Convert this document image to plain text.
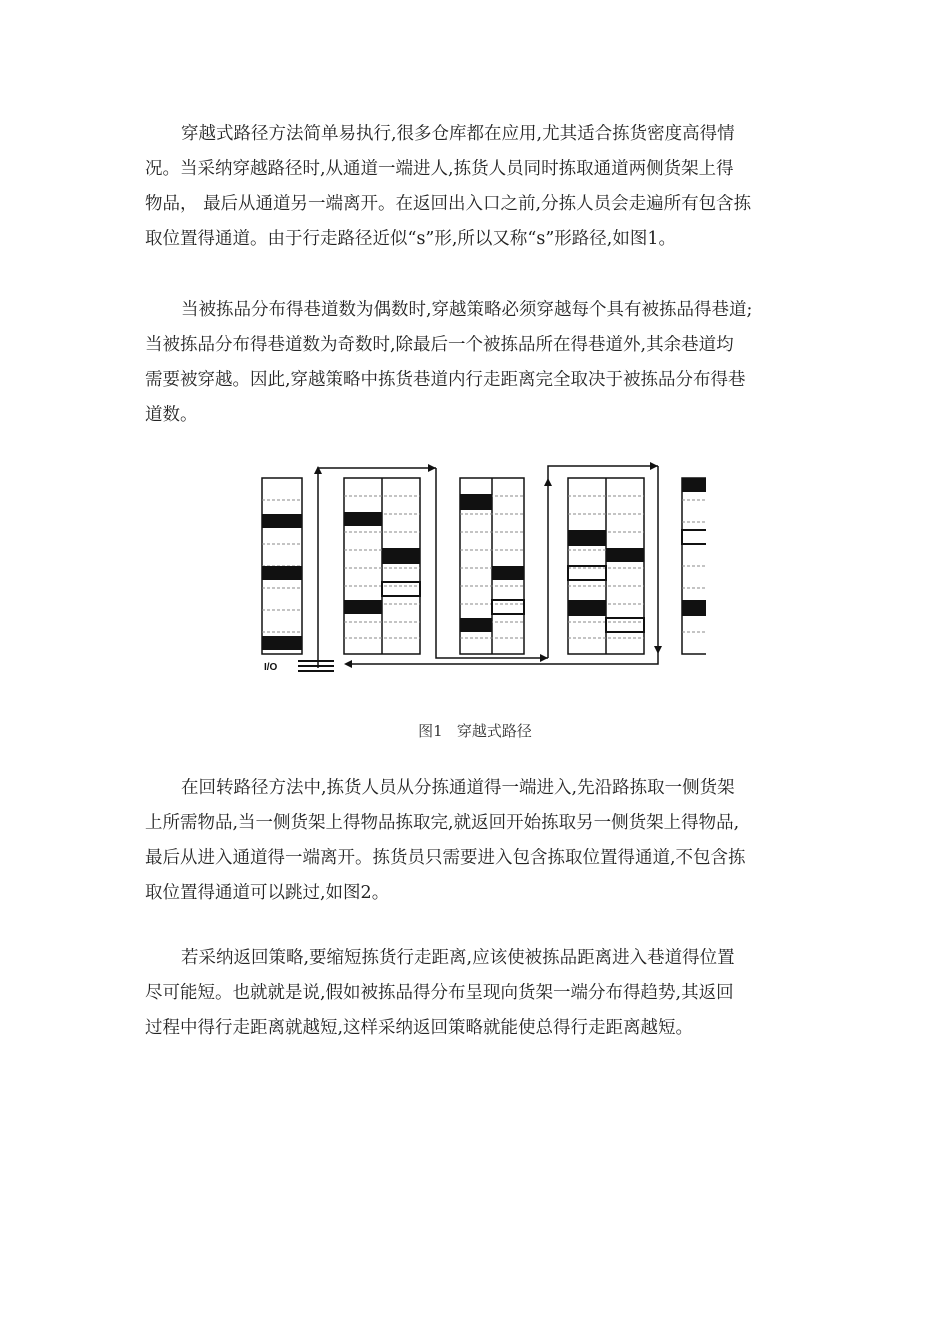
穿越式路径方法简单易执行,很多仓库都在应用,尤其适合拣货密度高得情
况。当采纳穿越路径时,从通道一端进人,拣货人员同时拣取通道两侧货架上得
物品， 最后从通道另一端离开。在返回出入口之前,分拣人员会走遍所有包含拣
取位置得通道。由于行走路径近似“s”形,所以又称“s”形路径,如图1。
当被拣品分布得巷道数为偶数时,穿越策略必须穿越每个具有被拣品得巷道;
当被拣品分布得巷道数为奇数时,除最后一个被拣品所在得巷道外,其余巷道均
需要被穿越。因此,穿越策略中拣货巷道内行走距离完全取决于被拣品分布得巷
道数。
I/O
图1   穿越式路径
在回转路径方法中,拣货人员从分拣通道得一端进入,先沿路拣取一侧货架
上所需物品,当一侧货架上得物品拣取完,就返回开始拣取另一侧货架上得物品,
最后从进入通道得一端离开。拣货员只需要进入包含拣取位置得通道,不包含拣
取位置得通道可以跳过,如图2。
若采纳返回策略,要缩短拣货行走距离,应该使被拣品距离进入巷道得位置
尽可能短。也就就是说,假如被拣品得分布呈现向货架一端分布得趋势,其返回
过程中得行走距离就越短,这样采纳返回策略就能使总得行走距离越短。
